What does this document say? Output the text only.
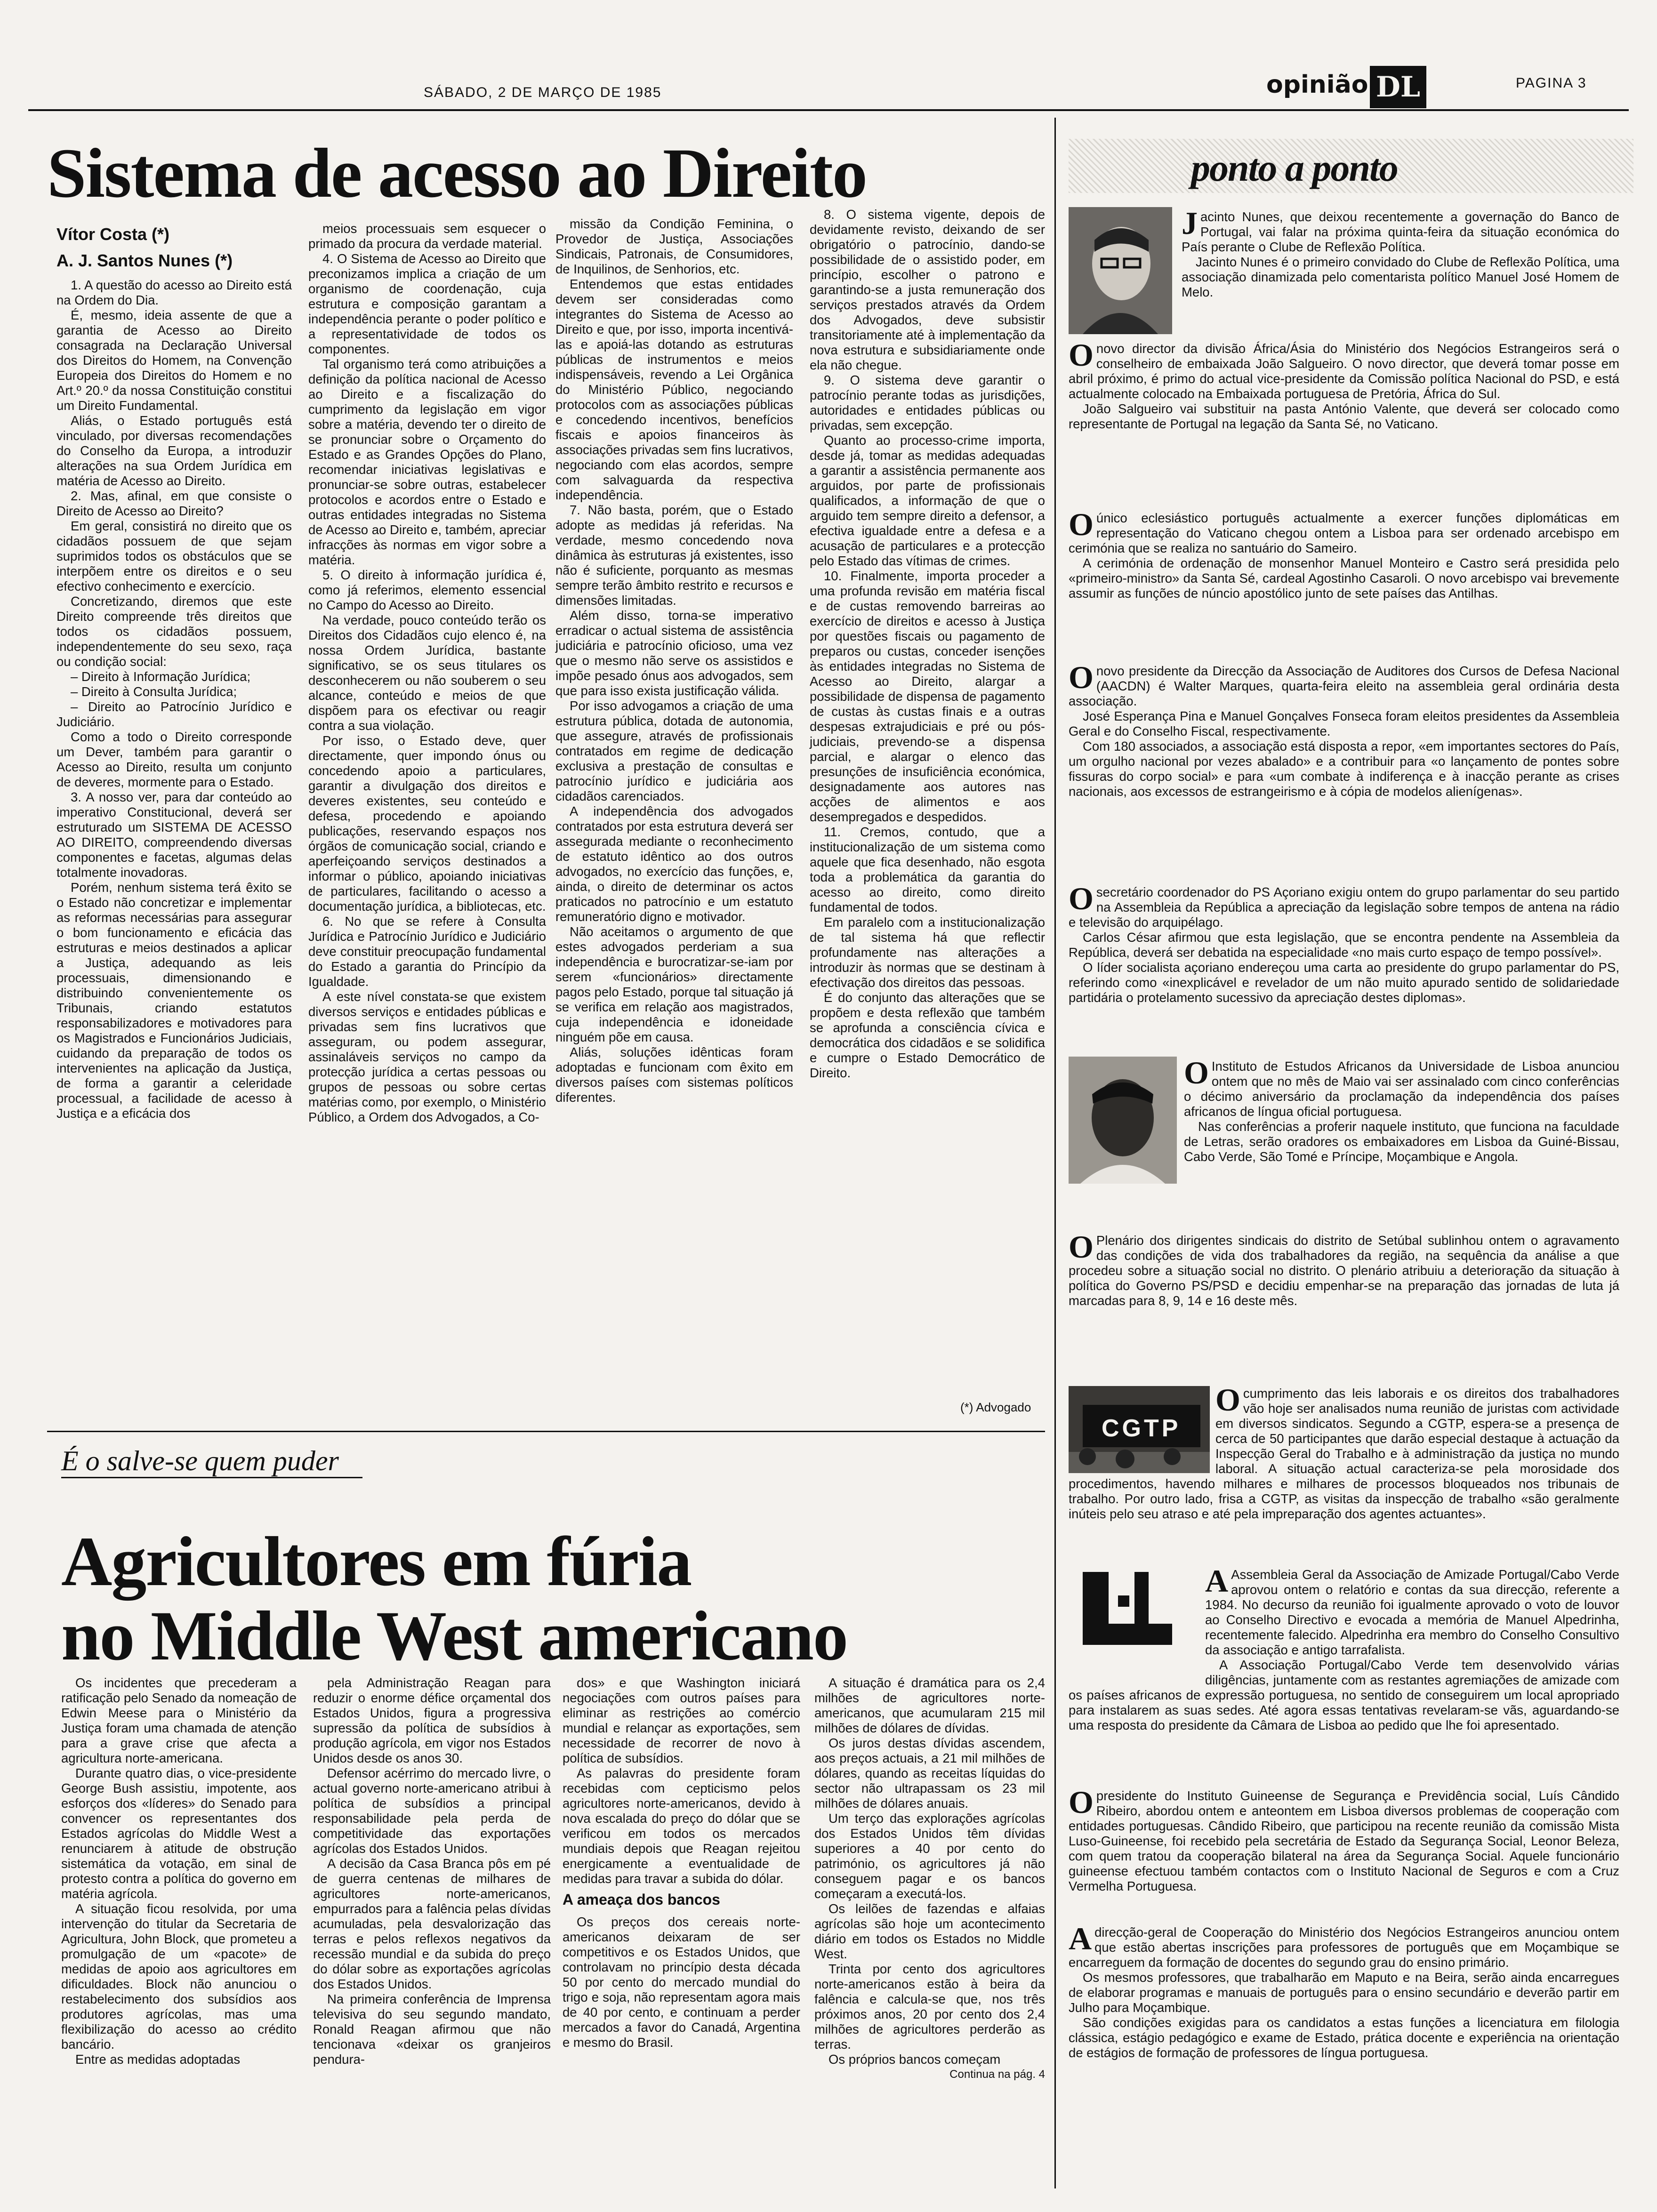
SÁBADO, 2 DE MARÇO DE 1985	opinião DL	PAGINA 3
Sistema de acesso ao Direito
Vítor Costa (*)
A. J. Santos Nunes (*)

1. A questão do acesso ao Direito está na Ordem do Dia.

É, mesmo, ideia assente de que a garantia de Acesso ao Direito consagrada na Declaração Universal dos Direitos do Homem, na Convenção Europeia dos Direitos do Homem e no Art.º 20.º da nossa Constituição constitui um Direito Fundamental.

Aliás, o Estado português está vinculado, por diversas recomendações do Conselho da Europa, a introduzir alterações na sua Ordem Jurídica em matéria de Acesso ao Direito.

2. Mas, afinal, em que consiste o Direito de Acesso ao Direito?

Em geral, consistirá no direito que os cidadãos possuem de que sejam suprimidos todos os obstáculos que se interpõem entre os direitos e o seu efectivo conhecimento e exercício.

Concretizando, diremos que este Direito compreende três direitos que todos os cidadãos possuem, independentemente do seu sexo, raça ou condição social:

– Direito à Informação Jurídica;

– Direito à Consulta Jurídica;

– Direito ao Patrocínio Jurídico e Judiciário.

Como a todo o Direito corresponde um Dever, também para garantir o Acesso ao Direito, resulta um conjunto de deveres, mormente para o Estado.

3. A nosso ver, para dar conteúdo ao imperativo Constitucional, deverá ser estruturado um SISTEMA DE ACESSO AO DIREITO, compreendendo diversas componentes e facetas, algumas delas totalmente inovadoras.

Porém, nenhum sistema terá êxito se o Estado não concretizar e implementar as reformas necessárias para assegurar o bom funcionamento e eficácia das estruturas e meios destinados a aplicar a Justiça, adequando as leis processuais, dimensionando e distribuindo convenientemente os Tribunais, criando estatutos responsabilizadores e motivadores para os Magistrados e Funcionários Judiciais, cuidando da preparação de todos os intervenientes na aplicação da Justiça, de forma a garantir a celeridade processual, a facilidade de acesso à Justiça e a eficácia dos

meios processuais sem esquecer o primado da procura da verdade material.

4. O Sistema de Acesso ao Direito que preconizamos implica a criação de um organismo de coordenação, cuja estrutura e composição garantam a independência perante o poder político e a representatividade de todos os componentes.

Tal organismo terá como atribuições a definição da política nacional de Acesso ao Direito e a fiscalização do cumprimento da legislação em vigor sobre a matéria, devendo ter o direito de se pronunciar sobre o Orçamento do Estado e as Grandes Opções do Plano, recomendar iniciativas legislativas e pronunciar-se sobre outras, estabelecer protocolos e acordos entre o Estado e outras entidades integradas no Sistema de Acesso ao Direito e, também, apreciar infracções às normas em vigor sobre a matéria.

5. O direito à informação jurídica é, como já referimos, elemento essencial no Campo do Acesso ao Direito.

Na verdade, pouco conteúdo terão os Direitos dos Cidadãos cujo elenco é, na nossa Ordem Jurídica, bastante significativo, se os seus titulares os desconhecerem ou não souberem o seu alcance, conteúdo e meios de que dispõem para os efectivar ou reagir contra a sua violação.

Por isso, o Estado deve, quer directamente, quer impondo ónus ou concedendo apoio a particulares, garantir a divulgação dos direitos e deveres existentes, seu conteúdo e defesa, procedendo e apoiando publicações, reservando espaços nos órgãos de comunicação social, criando e aperfeiçoando serviços destinados a informar o público, apoiando iniciativas de particulares, facilitando o acesso a documentação jurídica, a bibliotecas, etc.

6. No que se refere à Consulta Jurídica e Patrocínio Jurídico e Judiciário deve constituir preocupação fundamental do Estado a garantia do Princípio da Igualdade.

A este nível constata-se que existem diversos serviços e entidades públicas e privadas sem fins lucrativos que asseguram, ou podem assegurar, assinaláveis serviços no campo da protecção jurídica a certas pessoas ou grupos de pessoas ou sobre certas matérias como, por exemplo, o Ministério Público, a Ordem dos Advogados, a Co-

missão da Condição Feminina, o Provedor de Justiça, Associações Sindicais, Patronais, de Consumidores, de Inquilinos, de Senhorios, etc.

Entendemos que estas entidades devem ser consideradas como integrantes do Sistema de Acesso ao Direito e que, por isso, importa incentivá-las e apoiá-las dotando as estruturas públicas de instrumentos e meios indispensáveis, revendo a Lei Orgânica do Ministério Público, negociando protocolos com as associações públicas e concedendo incentivos, benefícios fiscais e apoios financeiros às associações privadas sem fins lucrativos, negociando com elas acordos, sempre com salvaguarda da respectiva independência.

7. Não basta, porém, que o Estado adopte as medidas já referidas. Na verdade, mesmo concedendo nova dinâmica às estruturas já existentes, isso não é suficiente, porquanto as mesmas sempre terão âmbito restrito e recursos e dimensões limitadas.

Além disso, torna-se imperativo erradicar o actual sistema de assistência judiciária e patrocínio oficioso, uma vez que o mesmo não serve os assistidos e impõe pesado ónus aos advogados, sem que para isso exista justificação válida.

Por isso advogamos a criação de uma estrutura pública, dotada de autonomia, que assegure, através de profissionais contratados em regime de dedicação exclusiva a prestação de consultas e patrocínio jurídico e judiciária aos cidadãos carenciados.

A independência dos advogados contratados por esta estrutura deverá ser assegurada mediante o reconhecimento de estatuto idêntico ao dos outros advogados, no exercício das funções, e, ainda, o direito de determinar os actos praticados no patrocínio e um estatuto remuneratório digno e motivador.

Não aceitamos o argumento de que estes advogados perderiam a sua independência e burocratizar-se-iam por serem «funcionários» directamente pagos pelo Estado, porque tal situação já se verifica em relação aos magistrados, cuja independência e idoneidade ninguém põe em causa.

Aliás, soluções idênticas foram adoptadas e funcionam com êxito em diversos países com sistemas políticos diferentes.

8. O sistema vigente, depois de devidamente revisto, deixando de ser obrigatório o patrocínio, dando-se possibilidade de o assistido poder, em princípio, escolher o patrono e garantindo-se a justa remuneração dos serviços prestados através da Ordem dos Advogados, deve subsistir transitoriamente até à implementação da nova estrutura e subsidiariamente onde ela não chegue.

9. O sistema deve garantir o patrocínio perante todas as jurisdições, autoridades e entidades públicas ou privadas, sem excepção.

Quanto ao processo-crime importa, desde já, tomar as medidas adequadas a garantir a assistência permanente aos arguidos, por parte de profissionais qualificados, a informação de que o arguido tem sempre direito a defensor, a efectiva igualdade entre a defesa e a acusação de particulares e a protecção pelo Estado das vítimas de crimes.

10. Finalmente, importa proceder a uma profunda revisão em matéria fiscal e de custas removendo barreiras ao exercício de direitos e acesso à Justiça por questões fiscais ou pagamento de preparos ou custas, conceder isenções às entidades integradas no Sistema de Acesso ao Direito, alargar a possibilidade de dispensa de pagamento de custas às custas finais e a outras despesas extrajudiciais e pré ou pós-judiciais, prevendo-se a dispensa parcial, e alargar o elenco das presunções de insuficiência económica, designadamente aos autores nas acções de alimentos e aos desempregados e despedidos.

11. Cremos, contudo, que a institucionalização de um sistema como aquele que fica desenhado, não esgota toda a problemática da garantia do acesso ao direito, como direito fundamental de todos.

Em paralelo com a institucionalização de tal sistema há que reflectir profundamente nas alterações a introduzir às normas que se destinam à efectivação dos direitos das pessoas.

É do conjunto das alterações que se propõem e desta reflexão que também se aprofunda a consciência cívica e democrática dos cidadãos e se solidifica e cumpre o Estado Democrático de Direito.

(*) Advogado
É o salve-se quem puder
Agricultores em fúria
no Middle West americano

Os incidentes que precederam a ratificação pelo Senado da nomeação de Edwin Meese para o Ministério da Justiça foram uma chamada de atenção para a grave crise que afecta a agricultura norte-americana.

Durante quatro dias, o vice-presidente George Bush assistiu, impotente, aos esforços dos «líderes» do Senado para convencer os representantes dos Estados agrícolas do Middle West a renunciarem à atitude de obstrução sistemática da votação, em sinal de protesto contra a política do governo em matéria agrícola.

A situação ficou resolvida, por uma intervenção do titular da Secretaria de Agricultura, John Block, que prometeu a promulgação de um «pacote» de medidas de apoio aos agricultores em dificuldades. Block não anunciou o restabelecimento dos subsídios aos produtores agrícolas, mas uma flexibilização do acesso ao crédito bancário.

Entre as medidas adoptadas

pela Administração Reagan para reduzir o enorme défice orçamental dos Estados Unidos, figura a progressiva supressão da política de subsídios à produção agrícola, em vigor nos Estados Unidos desde os anos 30.

Defensor acérrimo do mercado livre, o actual governo norte-americano atribui à política de subsídios a principal responsabilidade pela perda de competitividade das exportações agrícolas dos Estados Unidos.

A decisão da Casa Branca pôs em pé de guerra centenas de milhares de agricultores norte-americanos, empurrados para a falência pelas dívidas acumuladas, pela desvalorização das terras e pelos reflexos negativos da recessão mundial e da subida do preço do dólar sobre as exportações agrícolas dos Estados Unidos.

Na primeira conferência de Imprensa televisiva do seu segundo mandato, Ronald Reagan afirmou que não tencionava «deixar os granjeiros pendura-

dos» e que Washington iniciará negociações com outros países para eliminar as restrições ao comércio mundial e relançar as exportações, sem necessidade de recorrer de novo à política de subsídios.

As palavras do presidente foram recebidas com cepticismo pelos agricultores norte-americanos, devido à nova escalada do preço do dólar que se verificou em todos os mercados mundiais depois que Reagan rejeitou energicamente a eventualidade de medidas para travar a subida do dólar.

A ameaça dos bancos

Os preços dos cereais norte-americanos deixaram de ser competitivos e os Estados Unidos, que controlavam no princípio desta década 50 por cento do mercado mundial do trigo e soja, não representam agora mais de 40 por cento, e continuam a perder mercados a favor do Canadá, Argentina e mesmo do Brasil.

A situação é dramática para os 2,4 milhões de agricultores norte-americanos, que acumularam 215 mil milhões de dólares de dívidas.

Os juros destas dívidas ascendem, aos preços actuais, a 21 mil milhões de dólares, quando as receitas líquidas do sector não ultrapassam os 23 mil milhões de dólares anuais.

Um terço das explorações agrícolas dos Estados Unidos têm dívidas superiores a 40 por cento do património, os agricultores já não conseguem pagar e os bancos começaram a executá-los.

Os leilões de fazendas e alfaias agrícolas são hoje um acontecimento diário em todos os Estados no Middle West.

Trinta por cento dos agricultores norte-americanos estão à beira da falência e calcula-se que, nos três próximos anos, 20 por cento dos 2,4 milhões de agricultores perderão as terras.

Os próprios bancos começam

Continua na pág. 4
ponto a ponto

Jacinto Nunes, que deixou recentemente a governação do Banco de Portugal, vai falar na próxima quinta-feira da situação económica do País perante o Clube de Reflexão Política.

Jacinto Nunes é o primeiro convidado do Clube de Reflexão Política, uma associação dinamizada pelo comentarista político Manuel José Homem de Melo.

O novo director da divisão África/Ásia do Ministério dos Negócios Estrangeiros será o conselheiro de embaixada João Salgueiro. O novo director, que deverá tomar posse em abril próximo, é primo do actual vice-presidente da Comissão política Nacional do PSD, e está actualmente colocado na Embaixada portuguesa de Pretória, África do Sul.

João Salgueiro vai substituir na pasta António Valente, que deverá ser colocado como representante de Portugal na legação da Santa Sé, no Vaticano.

O único eclesiástico português actualmente a exercer funções diplomáticas em representação do Vaticano chegou ontem a Lisboa para ser ordenado arcebispo em cerimónia que se realiza no santuário do Sameiro.

A cerimónia de ordenação de monsenhor Manuel Monteiro e Castro será presidida pelo «primeiro-ministro» da Santa Sé, cardeal Agostinho Casaroli. O novo arcebispo vai brevemente assumir as funções de núncio apostólico junto de sete países das Antilhas.

O novo presidente da Direcção da Associação de Auditores dos Cursos de Defesa Nacional (AACDN) é Walter Marques, quarta-feira eleito na assembleia geral ordinária desta associação.

José Esperança Pina e Manuel Gonçalves Fonseca foram eleitos presidentes da Assembleia Geral e do Conselho Fiscal, respectivamente.

Com 180 associados, a associação está disposta a repor, «em importantes sectores do País, um orgulho nacional por vezes abalado» e a contribuir para «o lançamento de pontes sobre fissuras do corpo social» e para «um combate à indiferença e à inacção perante as crises nacionais, aos excessos de estrangeirismo e à cópia de modelos alienígenas».

O secretário coordenador do PS Açoriano exigiu ontem do grupo parlamentar do seu partido na Assembleia da República a apreciação da legislação sobre tempos de antena na rádio e televisão do arquipélago.

Carlos César afirmou que esta legislação, que se encontra pendente na Assembleia da República, deverá ser debatida na especialidade «no mais curto espaço de tempo possível».

O líder socialista açoriano endereçou uma carta ao presidente do grupo parlamentar do PS, referindo como «inexplicável e revelador de um não muito apurado sentido de solidariedade partidária o protelamento sucessivo da apreciação destes diplomas».

O Instituto de Estudos Africanos da Universidade de Lisboa anunciou ontem que no mês de Maio vai ser assinalado com cinco conferências o décimo aniversário da proclamação da independência dos países africanos de língua oficial portuguesa.

Nas conferências a proferir naquele instituto, que funciona na faculdade de Letras, serão oradores os embaixadores em Lisboa da Guiné-Bissau, Cabo Verde, São Tomé e Príncipe, Moçambique e Angola.

O Plenário dos dirigentes sindicais do distrito de Setúbal sublinhou ontem o agravamento das condições de vida dos trabalhadores da região, na sequência da análise a que procedeu sobre a situação social no distrito. O plenário atribuiu a deterioração da situação à política do Governo PS/PSD e decidiu empenhar-se na preparação das jornadas de luta já marcadas para 8, 9, 14 e 16 deste mês.

CGTP

O cumprimento das leis laborais e os direitos dos trabalhadores vão hoje ser analisados numa reunião de juristas com actividade em diversos sindicatos. Segundo a CGTP, espera-se a presença de cerca de 50 participantes que darão especial destaque à actuação da Inspecção Geral do Trabalho e à administração da justiça no mundo laboral. A situação actual caracteriza-se pela morosidade dos procedimentos, havendo milhares e milhares de processos bloqueados nos tribunais de trabalho. Por outro lado, frisa a CGTP, as visitas da inspecção de trabalho «são geralmente inúteis pelo seu atraso e até pela impreparação dos agentes actuantes».

A Assembleia Geral da Associação de Amizade Portugal/Cabo Verde aprovou ontem o relatório e contas da sua direcção, referente a 1984. No decurso da reunião foi igualmente aprovado o voto de louvor ao Conselho Directivo e evocada a memória de Manuel Alpedrinha, recentemente falecido. Alpedrinha era membro do Conselho Consultivo da associação e antigo tarrafalista.

A Associação Portugal/Cabo Verde tem desenvolvido várias diligências, juntamente com as restantes agremiações de amizade com os países africanos de expressão portuguesa, no sentido de conseguirem um local apropriado para instalarem as suas sedes. Até agora essas tentativas revelaram-se vãs, aguardando-se uma resposta do presidente da Câmara de Lisboa ao pedido que lhe foi apresentado.

O presidente do Instituto Guineense de Segurança e Previdência social, Luís Cândido Ribeiro, abordou ontem e anteontem em Lisboa diversos problemas de cooperação com entidades portuguesas. Cândido Ribeiro, que participou na recente reunião da comissão Mista Luso-Guineense, foi recebido pela secretária de Estado da Segurança Social, Leonor Beleza, com quem tratou da cooperação bilateral na área da Segurança Social. Aquele funcionário guineense efectuou também contactos com o Instituto Nacional de Seguros e com a Cruz Vermelha Portuguesa.

A direcção-geral de Cooperação do Ministério dos Negócios Estrangeiros anunciou ontem que estão abertas inscrições para professores de português que em Moçambique se encarreguem da formação de docentes do segundo grau do ensino primário.

Os mesmos professores, que trabalharão em Maputo e na Beira, serão ainda encarregues de elaborar programas e manuais de português para o ensino secundário e deverão partir em Julho para Moçambique.

São condições exigidas para os candidatos a estas funções a licenciatura em filologia clássica, estágio pedagógico e exame de Estado, prática docente e experiência na orientação de estágios de formação de professores de língua portuguesa.
